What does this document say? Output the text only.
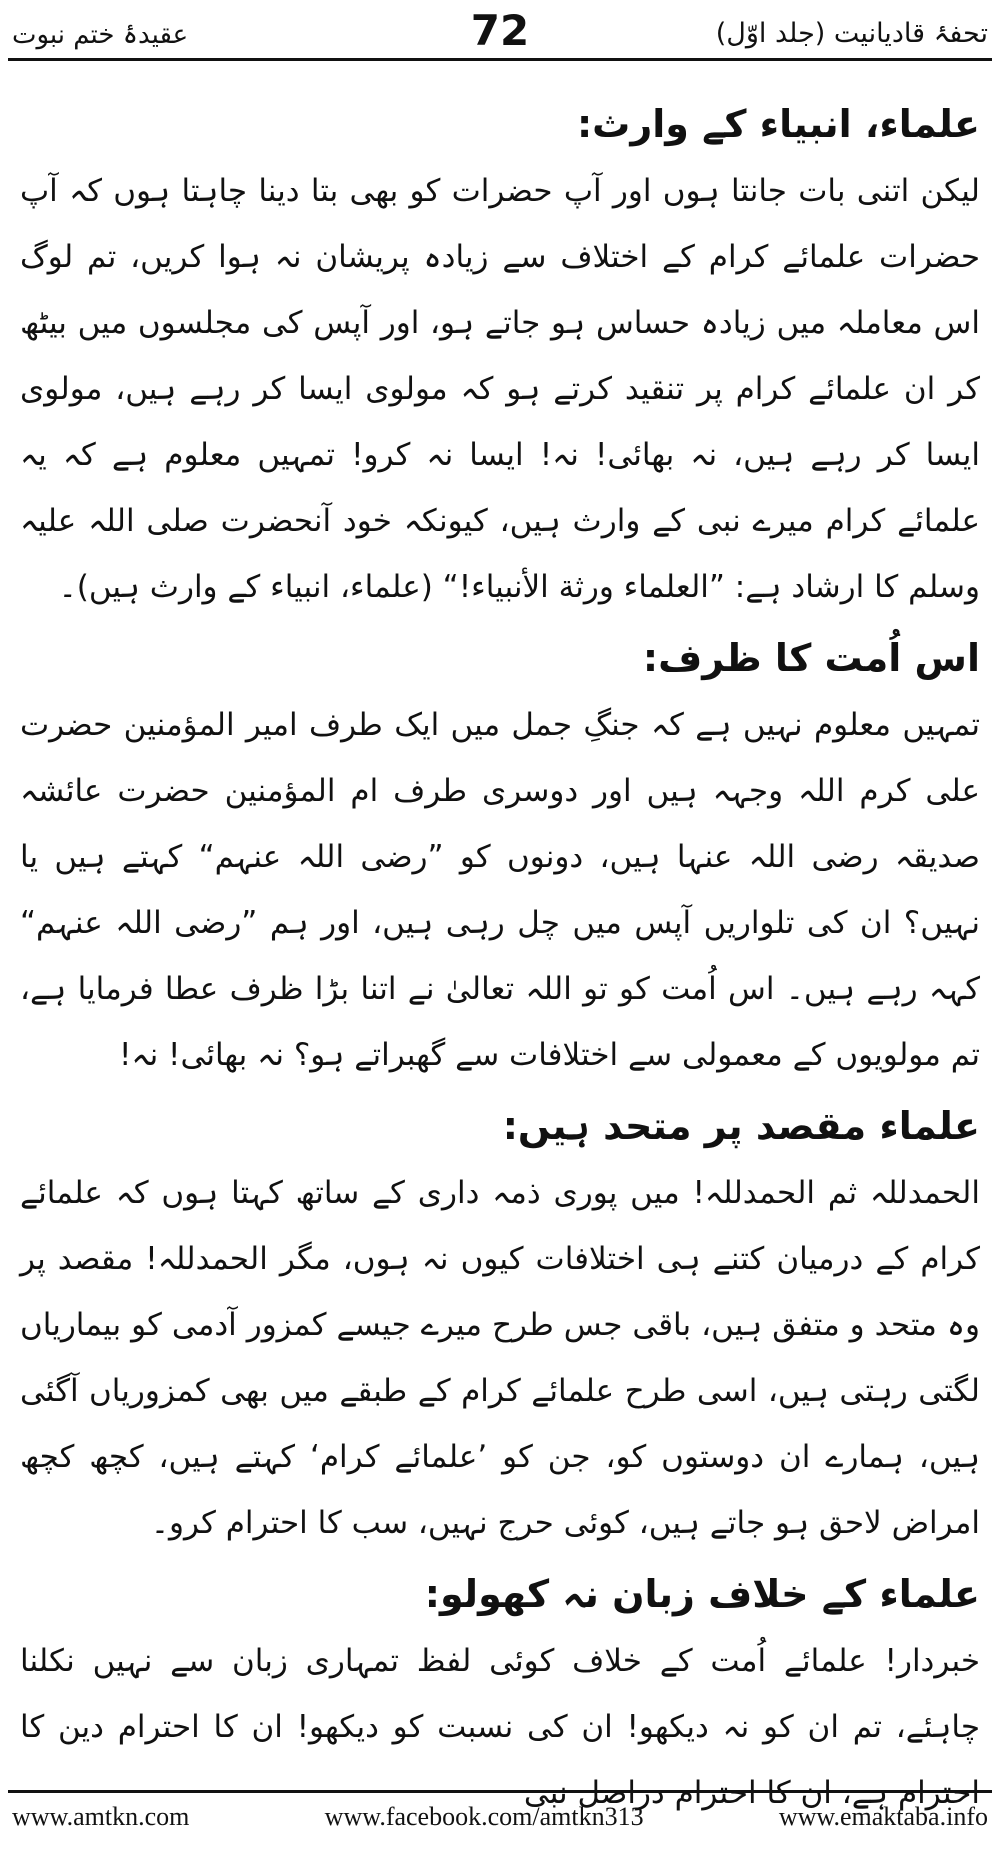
عقیدۂ ختم نبوت	72	تحفۂ قادیانیت (جلد اوّل)
علماء، انبیاء کے وارث:
لیکن اتنی بات جانتا ہوں اور آپ حضرات کو بھی بتا دینا چاہتا ہوں کہ آپ حضرات علمائے کرام کے اختلاف سے زیادہ پریشان نہ ہوا کریں، تم لوگ اس معاملہ میں زیادہ حساس ہو جاتے ہو، اور آپس کی مجلسوں میں بیٹھ کر ان علمائے کرام پر تنقید کرتے ہو کہ مولوی ایسا کر رہے ہیں، مولوی ایسا کر رہے ہیں، نہ بھائی! نہ! ایسا نہ کرو! تمہیں معلوم ہے کہ یہ علمائے کرام میرے نبی کے وارث ہیں، کیونکہ خود آنحضرت صلی اللہ علیہ وسلم کا ارشاد ہے: ”العلماء ورثة الأنبياء!“ (علماء، انبیاء کے وارث ہیں)۔
اس اُمت کا ظرف:
تمہیں معلوم نہیں ہے کہ جنگِ جمل میں ایک طرف امیر المؤمنین حضرت علی کرم اللہ وجہہ ہیں اور دوسری طرف ام المؤمنین حضرت عائشہ صدیقہ رضی اللہ عنہا ہیں، دونوں کو ”رضی اللہ عنہم“ کہتے ہیں یا نہیں؟ ان کی تلواریں آپس میں چل رہی ہیں، اور ہم ”رضی اللہ عنہم“ کہہ رہے ہیں۔ اس اُمت کو تو اللہ تعالیٰ نے اتنا بڑا ظرف عطا فرمایا ہے، تم مولویوں کے معمولی سے اختلافات سے گھبراتے ہو؟ نہ بھائی! نہ!
علماء مقصد پر متحد ہیں:
الحمدللہ ثم الحمدللہ! میں پوری ذمہ داری کے ساتھ کہتا ہوں کہ علمائے کرام کے درمیان کتنے ہی اختلافات کیوں نہ ہوں، مگر الحمدللہ! مقصد پر وہ متحد و متفق ہیں، باقی جس طرح میرے جیسے کمزور آدمی کو بیماریاں لگتی رہتی ہیں، اسی طرح علمائے کرام کے طبقے میں بھی کمزوریاں آگئی ہیں، ہمارے ان دوستوں کو، جن کو ’علمائے کرام‘ کہتے ہیں، کچھ کچھ امراض لاحق ہو جاتے ہیں، کوئی حرج نہیں، سب کا احترام کرو۔
علماء کے خلاف زبان نہ کھولو:
خبردار! علمائے اُمت کے خلاف کوئی لفظ تمہاری زبان سے نہیں نکلنا چاہئے، تم ان کو نہ دیکھو! ان کی نسبت کو دیکھو! ان کا احترام دین کا احترام ہے، ان کا احترام دراصل نبی
www.amtkn.com	www.facebook.com/amtkn313	www.emaktaba.info
